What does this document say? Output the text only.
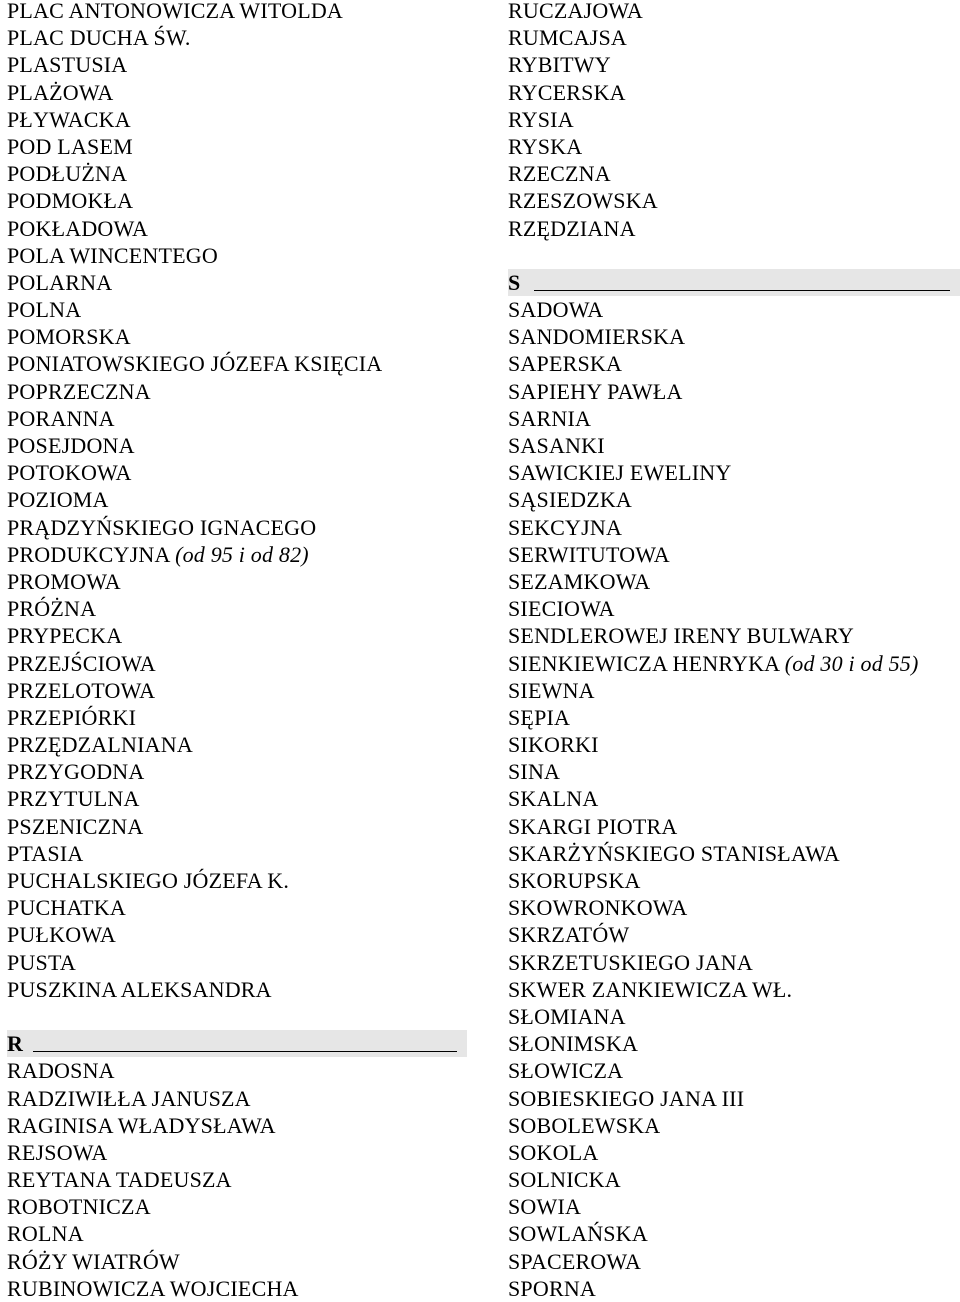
PLAC ANTONOWICZA WITOLDA
PLAC DUCHA ŚW.
PLASTUSIA
PLAŻOWA
PŁYWACKA
POD LASEM
PODŁUŻNA
PODMOKŁA
POKŁADOWA
POLA WINCENTEGO
POLARNA
POLNA
POMORSKA
PONIATOWSKIEGO JÓZEFA KSIĘCIA
POPRZECZNA
PORANNA
POSEJDONA
POTOKOWA
POZIOMA
PRĄDZYŃSKIEGO IGNACEGO
PRODUKCYJNA (od 95 i od 82)
PROMOWA
PRÓŻNA
PRYPECKA
PRZEJŚCIOWA
PRZELOTOWA
PRZEPIÓRKI
PRZĘDZALNIANA
PRZYGODNA
PRZYTULNA
PSZENICZNA
PTASIA
PUCHALSKIEGO JÓZEFA K.
PUCHATKA
PUŁKOWA
PUSTA
PUSZKINA ALEKSANDRA
R
RADOSNA
RADZIWIŁŁA JANUSZA
RAGINISA WŁADYSŁAWA
REJSOWA
REYTANA TADEUSZA
ROBOTNICZA
ROLNA
RÓŻY WIATRÓW
RUBINOWICZA WOJCIECHA
RUCZAJOWA
RUMCAJSA
RYBITWY
RYCERSKA
RYSIA
RYSKA
RZECZNA
RZESZOWSKA
RZĘDZIANA
S
SADOWA
SANDOMIERSKA
SAPERSKA
SAPIEHY PAWŁA
SARNIA
SASANKI
SAWICKIEJ EWELINY
SĄSIEDZKA
SEKCYJNA
SERWITUTOWA
SEZAMKOWA
SIECIOWA
SENDLEROWEJ IRENY BULWARY
SIENKIEWICZA HENRYKA (od 30 i od 55)
SIEWNA
SĘPIA
SIKORKI
SINA
SKALNA
SKARGI PIOTRA
SKARŻYŃSKIEGO STANISŁAWA
SKORUPSKA
SKOWRONKOWA
SKRZATÓW
SKRZETUSKIEGO JANA
SKWER ZANKIEWICZA WŁ.
SŁOMIANA
SŁONIMSKA
SŁOWICZA
SOBIESKIEGO JANA III
SOBOLEWSKA
SOKOLA
SOLNICKA
SOWIA
SOWLAŃSKA
SPACEROWA
SPORNA
